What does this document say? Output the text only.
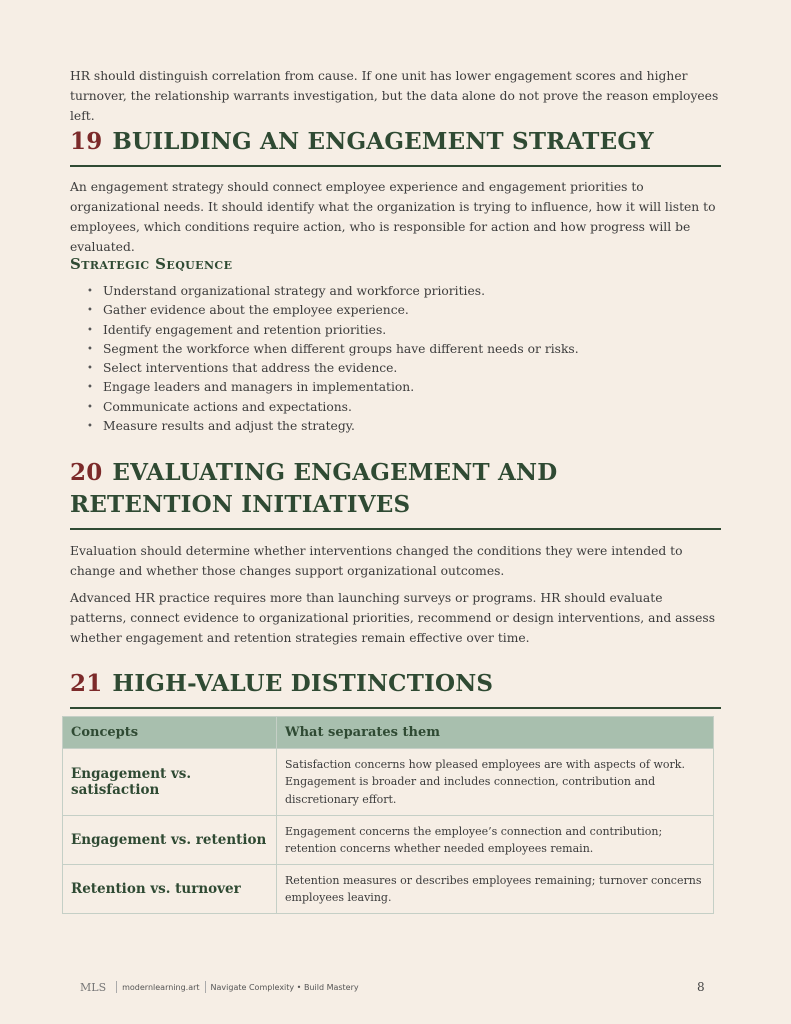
HR should distinguish correlation from cause. If one unit has lower engagement scores and higher turnover, the relationship warrants investigation, but the data alone do not prove the reason employees left.

19 BUILDING AN ENGAGEMENT STRATEGY

An engagement strategy should connect employee experience and engagement priorities to organizational needs. It should identify what the organization is trying to influence, how it will listen to employees, which conditions require action, who is responsible for action and how progress will be evaluated.

Strategic Sequence
• Understand organizational strategy and workforce priorities.
• Gather evidence about the employee experience.
• Identify engagement and retention priorities.
• Segment the workforce when different groups have different needs or risks.
• Select interventions that address the evidence.
• Engage leaders and managers in implementation.
• Communicate actions and expectations.
• Measure results and adjust the strategy.
20 EVALUATING ENGAGEMENT AND RETENTION INITIATIVES

Evaluation should determine whether interventions changed the conditions they were intended to change and whether those changes support organizational outcomes.

Advanced HR practice requires more than launching surveys or programs. HR should evaluate patterns, connect evidence to organizational priorities, recommend or design interventions, and assess whether engagement and retention strategies remain effective over time.

21 HIGH-VALUE DISTINCTIONS
Concepts	What separates them
Engagement vs. satisfaction	Satisfaction concerns how pleased employees are with aspects of work. Engagement is broader and includes connection, contribution and discretionary effort.
Engagement vs. retention	Engagement concerns the employee’s connection and contribution; retention concerns whether needed employees remain.
Retention vs. turnover	Retention measures or describes employees remaining; turnover concerns employees leaving.
MLS modernlearning.art Navigate Complexity • Build Mastery	8
